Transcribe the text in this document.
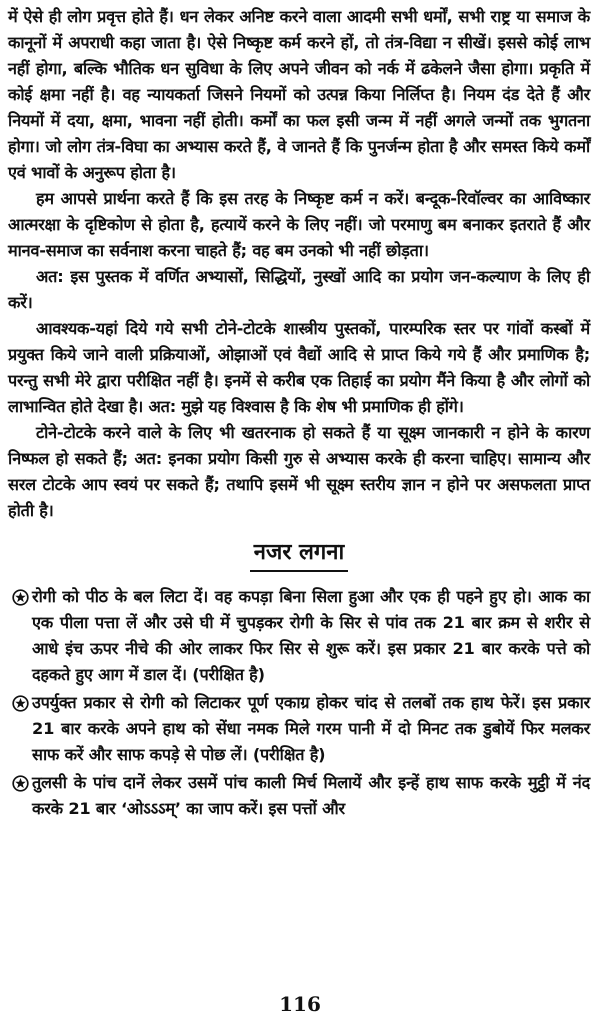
में ऐसे ही लोग प्रवृत्त होते हैं। धन लेकर अनिष्ट करने वाला आदमी सभी धर्मों, सभी राष्ट्र या समाज के कानूनों में अपराधी कहा जाता है। ऐसे निष्कृष्ट कर्म करने हों, तो तंत्र-विद्या न सीखें। इससे कोई लाभ नहीं होगा, बल्कि भौतिक धन सुविधा के लिए अपने जीवन को नर्क में ढकेलने जैसा होगा। प्रकृति में कोई क्षमा नहीं है। वह न्यायकर्ता जिसने नियमों को उत्पन्न किया निर्लिप्त है। नियम दंड देते हैं और नियमों में दया, क्षमा, भावना नहीं होती। कर्मों का फल इसी जन्म में नहीं अगले जन्मों तक भुगतना होगा। जो लोग तंत्र-विघा का अभ्यास करते हैं, वे जानते हैं कि पुनर्जन्म होता है और समस्त किये कर्मों एवं भावों के अनुरूप होता है।

हम आपसे प्रार्थना करते हैं कि इस तरह के निष्कृष्ट कर्म न करें। बन्दूक-रिवॉल्वर का आविष्कार आत्मरक्षा के दृष्टिकोण से होता है, हत्यायें करने के लिए नहीं। जो परमाणु बम बनाकर इतराते हैं और मानव-समाज का सर्वनाश करना चाहते हैं; वह बम उनको भी नहीं छोड़ता।

अत: इस पुस्तक में वर्णित अभ्यासों, सिद्धियों, नुस्खों आदि का प्रयोग जन-कल्याण के लिए ही करें।

आवश्यक-यहां दिये गये सभी टोने-टोटके शास्त्रीय पुस्तकों, पारम्परिक स्तर पर गांवों कस्बों में प्रयुक्त किये जाने वाली प्रक्रियाओं, ओझाओं एवं वैद्यों आदि से प्राप्त किये गये हैं और प्रमाणिक है; परन्तु सभी मेरे द्वारा परीक्षित नहीं है। इनमें से करीब एक तिहाई का प्रयोग मैंने किया है और लोगों को लाभान्वित होते देखा है। अत: मुझे यह विश्वास है कि शेष भी प्रमाणिक ही होंगे।

टोने-टोटके करने वाले के लिए भी खतरनाक हो सकते हैं या सूक्ष्म जानकारी न होने के कारण निष्फल हो सकते हैं; अत: इनका प्रयोग किसी गुरु से अभ्यास करके ही करना चाहिए। सामान्य और सरल टोटके आप स्वयं पर सकते हैं; तथापि इसमें भी सूक्ष्म स्तरीय ज्ञान न होने पर असफलता प्राप्त होती है।

नजर लगना
रोगी को पीठ के बल लिटा दें। वह कपड़ा बिना सिला हुआ और एक ही पहने हुए हो। आक का एक पीला पत्ता लें और उसे घी में चुपड़कर रोगी के सिर से पांव तक 21 बार क्रम से शरीर से आधे इंच ऊपर नीचे की ओर लाकर फिर सिर से शुरू करें। इस प्रकार 21 बार करके पत्ते को दहकते हुए आग में डाल दें। (परीक्षित है)
उपर्युक्त प्रकार से रोगी को लिटाकर पूर्ण एकाग्र होकर चांद से तलबों तक हाथ फेरें। इस प्रकार 21 बार करके अपने हाथ को सेंधा नमक मिले गरम पानी में दो मिनट तक डुबोयें फिर मलकर साफ करें और साफ कपड़े से पोछ लें। (परीक्षित है)
तुलसी के पांच दानें लेकर उसमें पांच काली मिर्च मिलायें और इन्हें हाथ साफ करके मुट्ठी में नंद करके 21 बार ‘ओऽऽऽम्’ का जाप करें। इस पत्तों और
116
